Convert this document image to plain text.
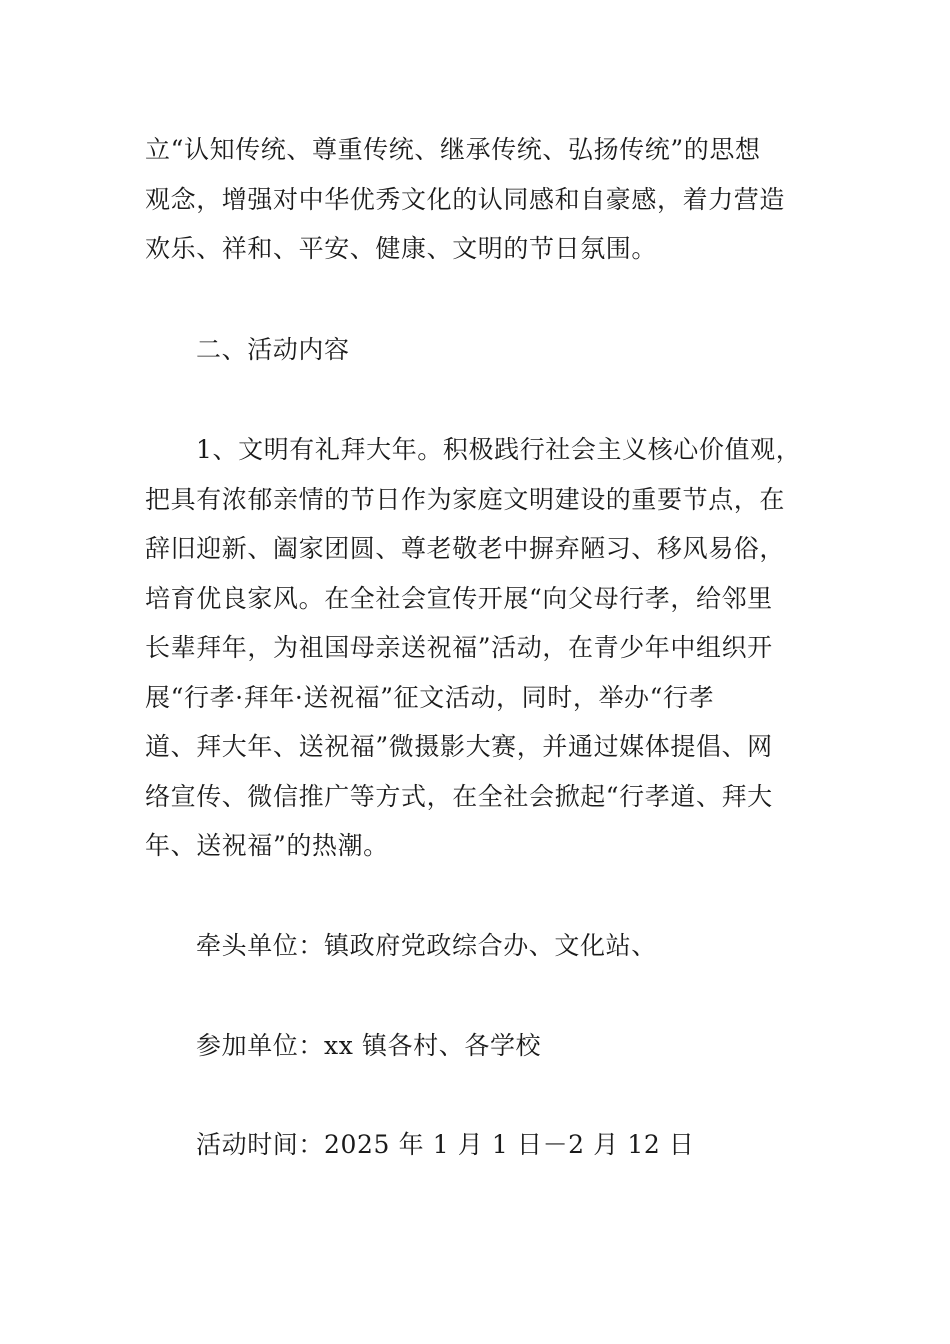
立“认知传统、尊重传统、继承传统、弘扬传统”的思想
观念，增强对中华优秀文化的认同感和自豪感，着力营造
欢乐、祥和、平安、健康、文明的节日氛围。
二、活动内容
1、文明有礼拜大年。积极践行社会主义核心价值观，
把具有浓郁亲情的节日作为家庭文明建设的重要节点，在
辞旧迎新、阖家团圆、尊老敬老中摒弃陋习、移风易俗，
培育优良家风。在全社会宣传开展“向父母行孝，给邻里
长辈拜年，为祖国母亲送祝福”活动，在青少年中组织开
展“行孝·拜年·送祝福”征文活动，同时，举办“行孝
道、拜大年、送祝福”微摄影大赛，并通过媒体提倡、网
络宣传、微信推广等方式，在全社会掀起“行孝道、拜大
年、送祝福”的热潮。
牵头单位：镇政府党政综合办、文化站、
参加单位：xx 镇各村、各学校
活动时间：2025 年 1 月 1 日－2 月 12 日
